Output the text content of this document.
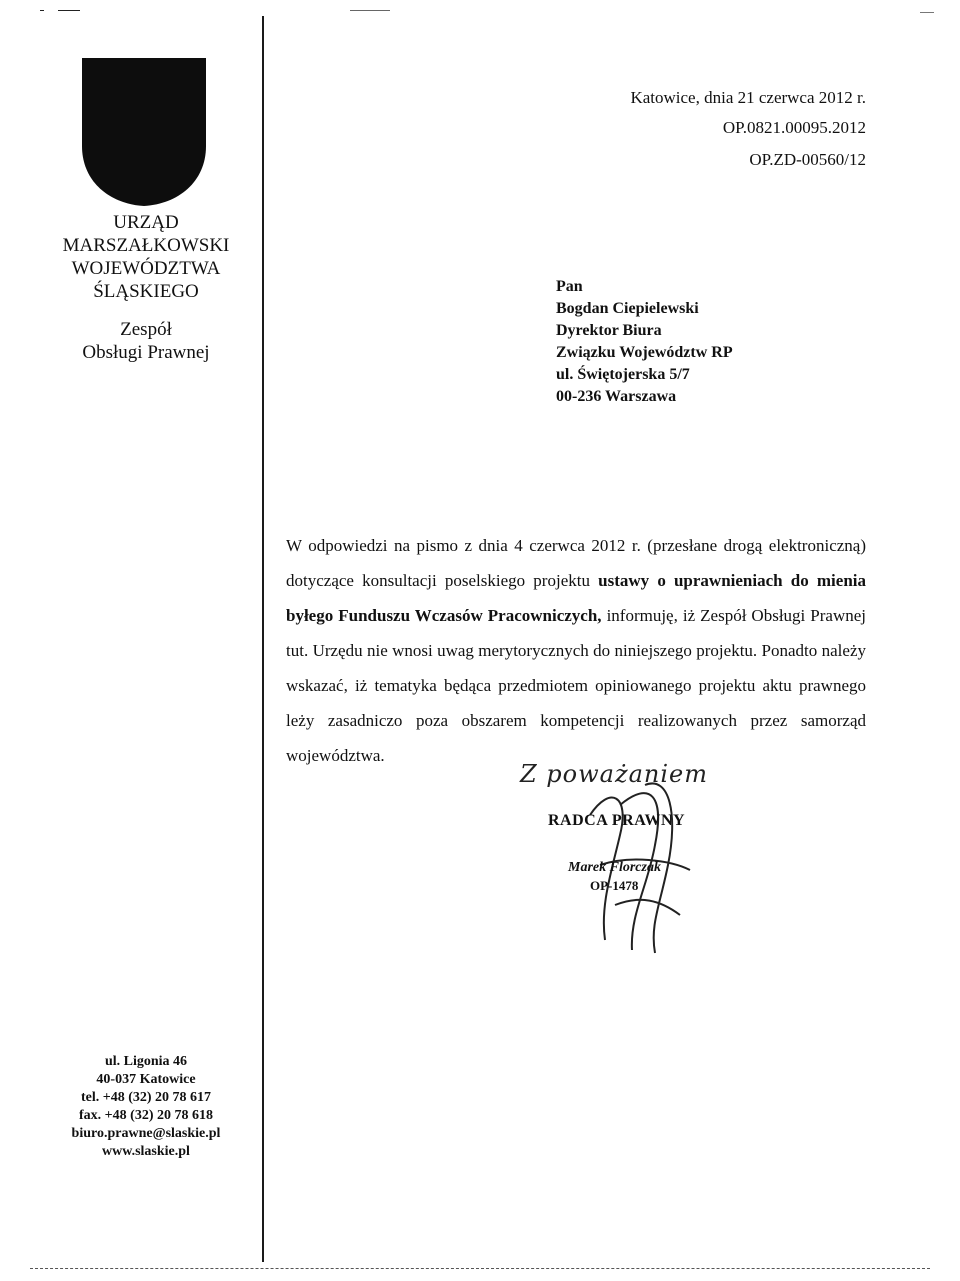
URZĄD
MARSZAŁKOWSKI
WOJEWÓDZTWA
ŚLĄSKIEGO
Zespół
Obsługi Prawnej
ul. Ligonia 46
40-037 Katowice
tel. +48 (32) 20 78 617
fax. +48 (32) 20 78 618
biuro.prawne@slaskie.pl
www.slaskie.pl
Katowice, dnia 21 czerwca 2012 r.
OP.0821.00095.2012
OP.ZD-00560/12
Pan
Bogdan Ciepielewski
Dyrektor Biura
Związku Województw RP
ul. Świętojerska 5/7
00-236 Warszawa
W odpowiedzi na pismo z dnia 4 czerwca 2012 r. (przesłane drogą elektroniczną) dotyczące konsultacji poselskiego projektu ustawy o uprawnieniach do mienia byłego Funduszu Wczasów Pracowniczych, informuję, iż Zespół Obsługi Prawnej tut. Urzędu nie wnosi uwag merytorycznych do niniejszego projektu. Ponadto należy wskazać, iż tematyka będąca przedmiotem opiniowanego projektu aktu prawnego leży zasadniczo poza obszarem kompetencji realizowanych przez samorząd województwa.
Z poważaniem
RADCA PRAWNY
Marek Florczak
OP-1478
